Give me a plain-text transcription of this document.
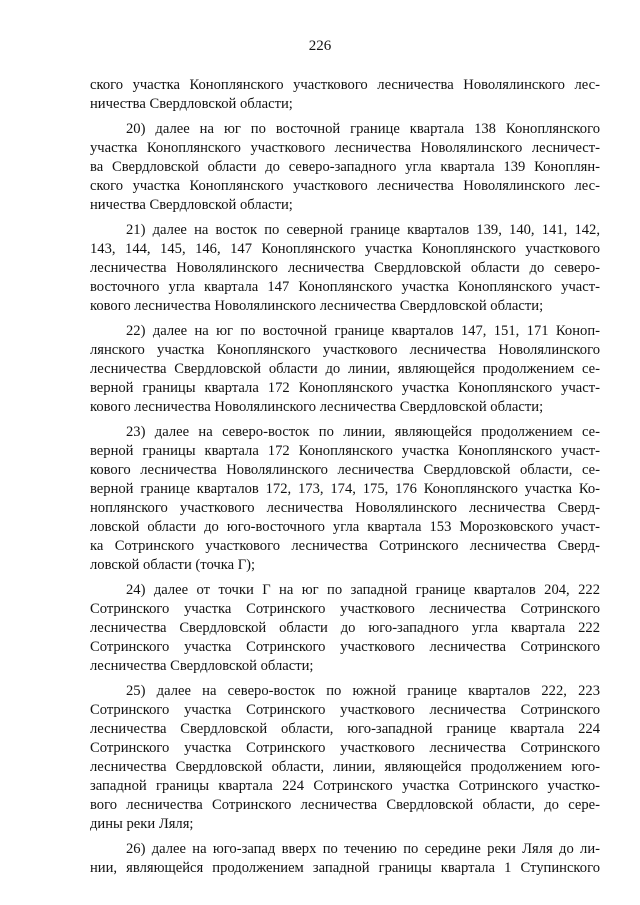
226
ского участка Коноплянского участкового лесничества Новолялинского лес-
ничества Свердловской области;
20) далее на юг по восточной границе квартала 138 Коноплянского
участка Коноплянского участкового лесничества Новолялинского лесничест-
ва Свердловской области до северо-западного угла квартала 139 Коноплян-
ского участка Коноплянского участкового лесничества Новолялинского лес-
ничества Свердловской области;
21) далее на восток по северной границе кварталов 139, 140, 141, 142,
143, 144, 145, 146, 147 Коноплянского участка Коноплянского участкового
лесничества Новолялинского лесничества Свердловской области до северо-
восточного угла квартала 147 Коноплянского участка Коноплянского участ-
кового лесничества Новолялинского лесничества Свердловской области;
22) далее на юг по восточной границе кварталов 147, 151, 171 Коноп-
лянского участка Коноплянского участкового лесничества Новолялинского
лесничества Свердловской области до линии, являющейся продолжением се-
верной границы квартала 172 Коноплянского участка Коноплянского участ-
кового лесничества Новолялинского лесничества Свердловской области;
23) далее на северо-восток по линии, являющейся продолжением се-
верной границы квартала 172 Коноплянского участка Коноплянского участ-
кового лесничества Новолялинского лесничества Свердловской области, се-
верной границе кварталов 172, 173, 174, 175, 176 Коноплянского участка Ко-
ноплянского участкового лесничества Новолялинского лесничества Сверд-
ловской области до юго-восточного угла квартала 153 Морозковского участ-
ка Сотринского участкового лесничества Сотринского лесничества Сверд-
ловской области (точка Г);
24) далее от точки Г на юг по западной границе кварталов 204, 222
Сотринского участка Сотринского участкового лесничества Сотринского
лесничества Свердловской области до юго-западного угла квартала 222
Сотринского участка Сотринского участкового лесничества Сотринского
лесничества Свердловской области;
25) далее на северо-восток по южной границе кварталов 222, 223
Сотринского участка Сотринского участкового лесничества Сотринского
лесничества Свердловской области, юго-западной границе квартала 224
Сотринского участка Сотринского участкового лесничества Сотринского
лесничества Свердловской области, линии, являющейся продолжением юго-
западной границы квартала 224 Сотринского участка Сотринского участко-
вого лесничества Сотринского лесничества Свердловской области, до сере-
дины реки Ляля;
26) далее на юго-запад вверх по течению по середине реки Ляля до ли-
нии, являющейся продолжением западной границы квартала 1 Ступинского
